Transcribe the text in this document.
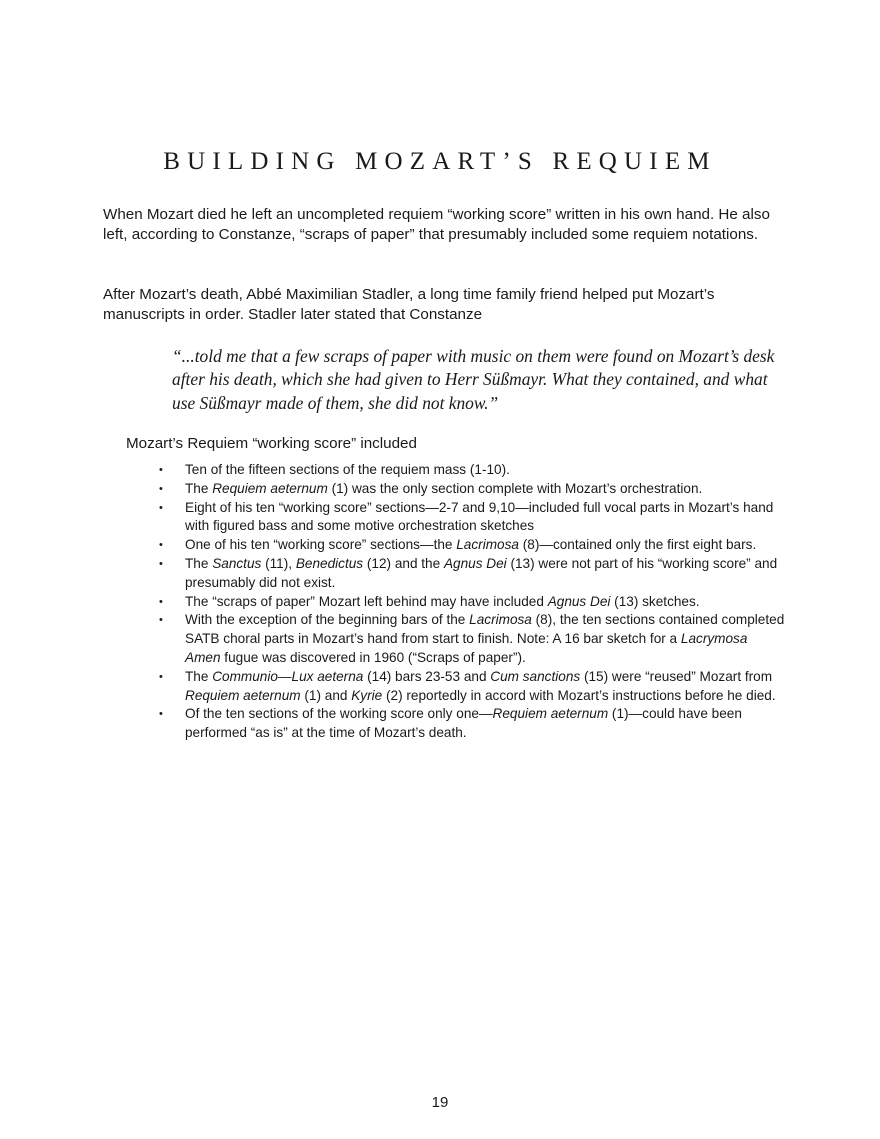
BUILDING MOZART’S REQUIEM

When Mozart died he left an uncompleted requiem “working score” written in his own hand. He also left, according to Constanze, “scraps of paper” that presumably included some requiem notations.

After Mozart’s death, Abbé Maximilian Stadler, a long time family friend helped put Mozart’s manuscripts in order. Stadler later stated that Constanze

“...told me that a few scraps of paper with music on them were found on Mozart’s desk after his death, which she had given to Herr Süßmayr. What they contained, and what use Süßmayr made of them, she did not know.”

Mozart’s Requiem “working score” included

• Ten of the fifteen sections of the requiem mass (1-10).
• The Requiem aeternum (1) was the only section complete with Mozart’s orchestration.
• Eight of his ten “working score” sections—2-7 and 9,10—included full vocal parts in Mozart’s hand with figured bass and some motive orchestration sketches
• One of his ten “working score” sections—the Lacrimosa (8)—contained only the first eight bars.
• The Sanctus (11), Benedictus (12) and the Agnus Dei (13) were not part of his “working score” and presumably did not exist.
• The “scraps of paper” Mozart left behind may have included Agnus Dei (13) sketches.
• With the exception of the beginning bars of the Lacrimosa (8), the ten sections contained completed SATB choral parts in Mozart’s hand from start to finish. Note: A 16 bar sketch for a Lacrymosa Amen fugue was discovered in 1960 (“Scraps of paper”).
• The Communio—Lux aeterna (14) bars 23-53 and Cum sanctions (15) were “reused” Mozart from Requiem aeternum (1) and Kyrie (2) reportedly in accord with Mozart’s instructions before he died.
• Of the ten sections of the working score only one—Requiem aeternum (1)—could have been performed “as is” at the time of Mozart’s death.

19
